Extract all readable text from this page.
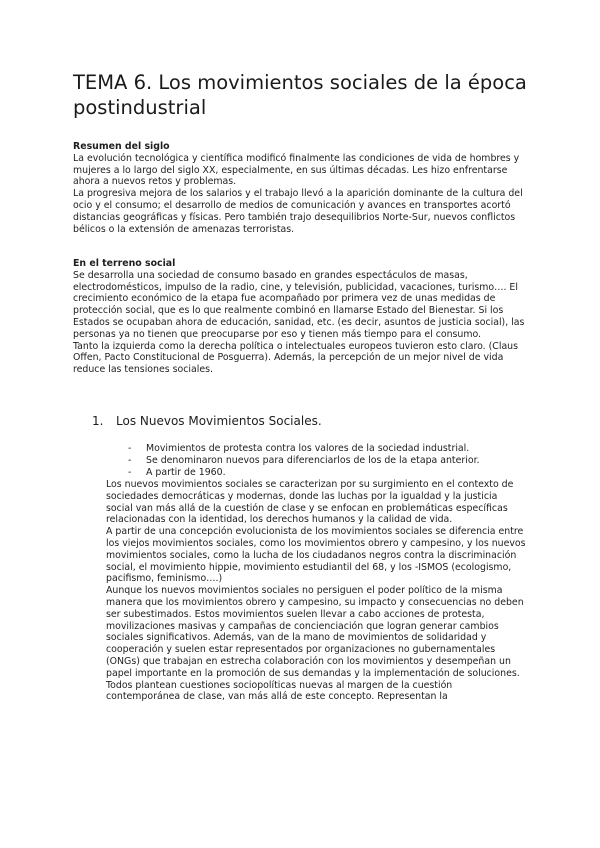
TEMA 6. Los movimientos sociales de la época postindustrial

Resumen del siglo

La evolución tecnológica y científica modificó finalmente las condiciones de vida de hombres y mujeres a lo largo del siglo XX, especialmente, en sus últimas décadas. Les hizo enfrentarse ahora a nuevos retos y problemas.

La progresiva mejora de los salarios y el trabajo llevó a la aparición dominante de la cultura del ocio y el consumo; el desarrollo de medios de comunicación y avances en transportes acortó distancias geográficas y físicas. Pero también trajo desequilibrios Norte-Sur, nuevos conflictos bélicos o la extensión de amenazas terroristas.

En el terreno social

Se desarrolla una sociedad de consumo basado en grandes espectáculos de masas, electrodomésticos, impulso de la radio, cine, y televisión, publicidad, vacaciones, turismo…. El crecimiento económico de la etapa fue acompañado por primera vez de unas medidas de protección social, que es lo que realmente combinó en llamarse Estado del Bienestar. Si los Estados se ocupaban ahora de educación, sanidad, etc. (es decir, asuntos de justicia social), las personas ya no tienen que preocuparse por eso y tienen más tiempo para el consumo.

Tanto la izquierda como la derecha política o intelectuales europeos tuvieron esto claro. (Claus Offen, Pacto Constitucional de Posguerra). Además, la percepción de un mejor nivel de vida reduce las tensiones sociales.

1. Los Nuevos Movimientos Sociales.
- Movimientos de protesta contra los valores de la sociedad industrial.
- Se denominaron nuevos para diferenciarlos de los de la etapa anterior.
- A partir de 1960.

Los nuevos movimientos sociales se caracterizan por su surgimiento en el contexto de sociedades democráticas y modernas, donde las luchas por la igualdad y la justicia social van más allá de la cuestión de clase y se enfocan en problemáticas específicas relacionadas con la identidad, los derechos humanos y la calidad de vida.

A partir de una concepción evolucionista de los movimientos sociales se diferencia entre los viejos movimientos sociales, como los movimientos obrero y campesino, y los nuevos movimientos sociales, como la lucha de los ciudadanos negros contra la discriminación social, el movimiento hippie, movimiento estudiantil del 68, y los -ISMOS (ecologismo, pacifismo, feminismo….)

Aunque los nuevos movimientos sociales no persiguen el poder político de la misma manera que los movimientos obrero y campesino, su impacto y consecuencias no deben ser subestimados. Estos movimientos suelen llevar a cabo acciones de protesta, movilizaciones masivas y campañas de concienciación que logran generar cambios sociales significativos. Además, van de la mano de movimientos de solidaridad y cooperación y suelen estar representados por organizaciones no gubernamentales (ONGs) que trabajan en estrecha colaboración con los movimientos y desempeñan un papel importante en la promoción de sus demandas y la implementación de soluciones.

Todos plantean cuestiones sociopolíticas nuevas al margen de la cuestión contemporánea de clase, van más allá de este concepto. Representan la
